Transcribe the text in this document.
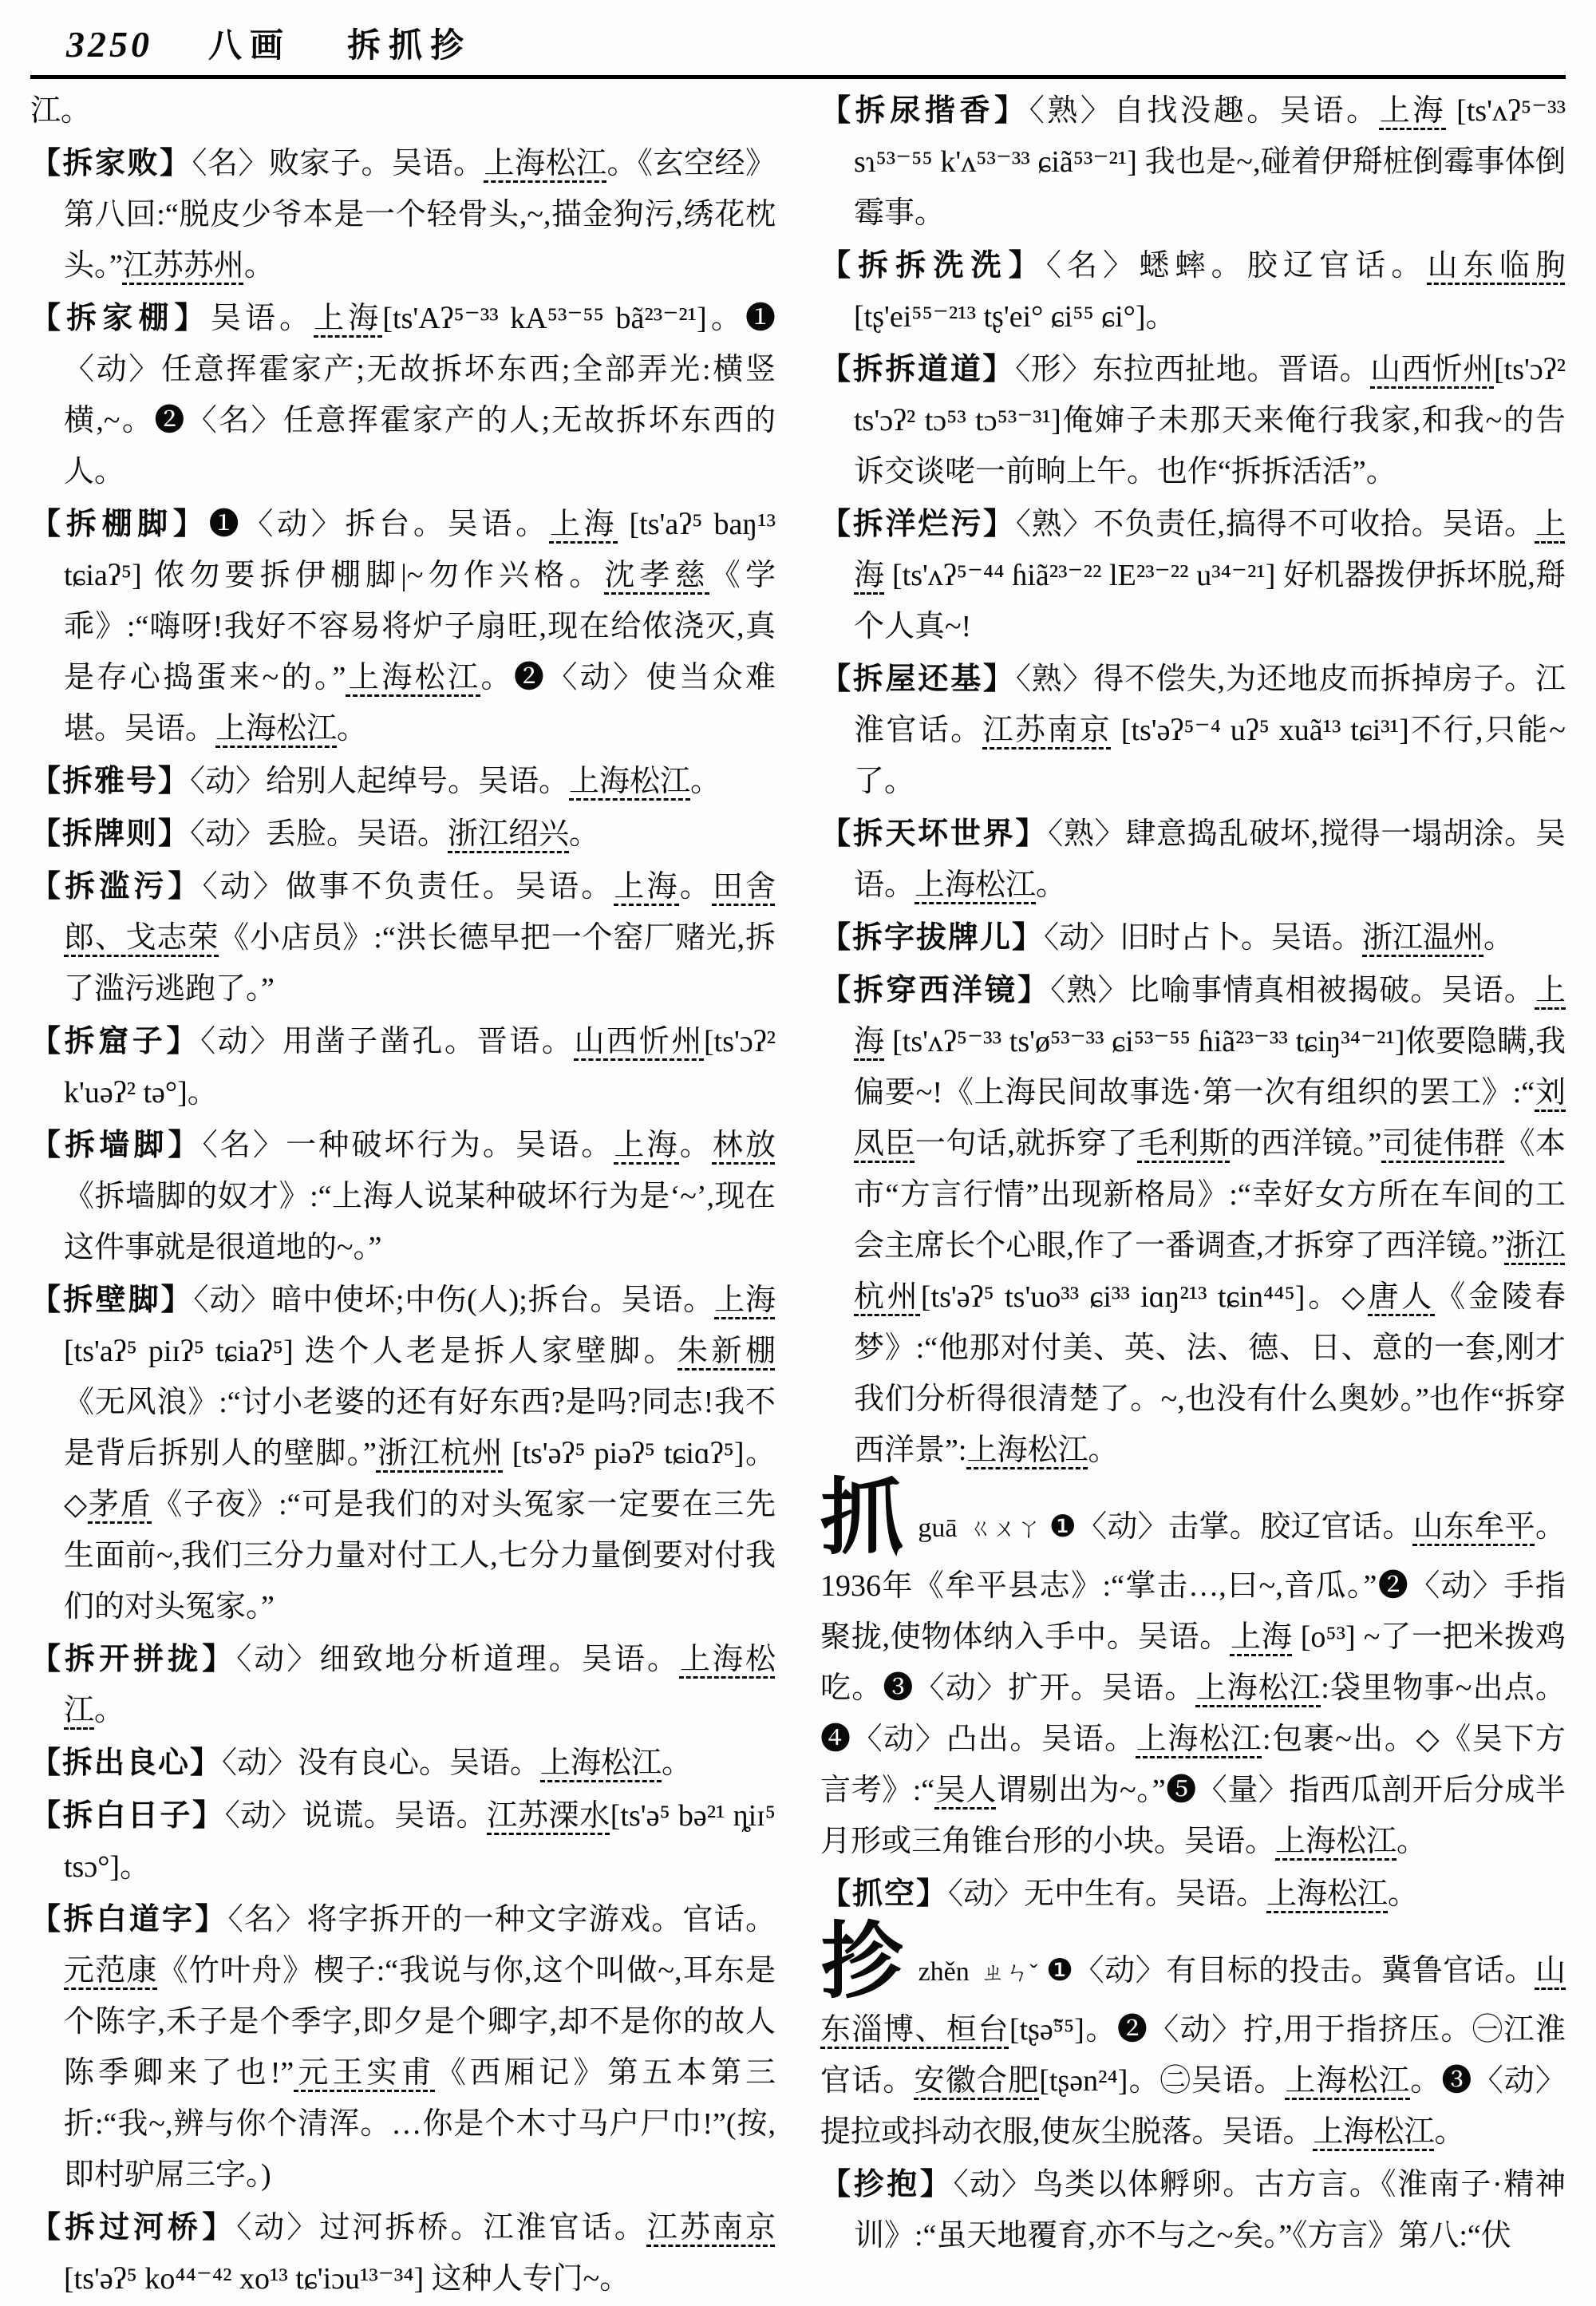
3250 八画 拆抓抮
江。
【拆家败】〈名〉败家子。吴语。上海松江。《玄空经》第八回:“脱皮少爷本是一个轻骨头,~,描金狗污,绣花枕头。”江苏苏州。
【拆家棚】吴语。上海[ts'Aʔ⁵⁻³³ kA⁵³⁻⁵⁵ bã²³⁻²¹]。❶〈动〉任意挥霍家产;无故拆坏东西;全部弄光:横竖横,~。❷〈名〉任意挥霍家产的人;无故拆坏东西的人。
【拆棚脚】❶〈动〉拆台。吴语。上海 [ts'aʔ⁵ baŋ¹³ tɕiaʔ⁵] 侬勿要拆伊棚脚|~勿作兴格。沈孝慈《学乖》:“嗨呀!我好不容易将炉子扇旺,现在给侬浇灭,真是存心捣蛋来~的。”上海松江。❷〈动〉使当众难堪。吴语。上海松江。
【拆雅号】〈动〉给别人起绰号。吴语。上海松江。
【拆牌则】〈动〉丢脸。吴语。浙江绍兴。
【拆滥污】〈动〉做事不负责任。吴语。上海。田舍郎、戈志荣《小店员》:“洪长德早把一个窑厂赌光,拆了滥污逃跑了。”
【拆窟子】〈动〉用凿子凿孔。晋语。山西忻州[ts'ɔʔ² k'uəʔ² tə°]。
【拆墙脚】〈名〉一种破坏行为。吴语。上海。林放《拆墙脚的奴才》:“上海人说某种破坏行为是‘~’,现在这件事就是很道地的~。”
【拆壁脚】〈动〉暗中使坏;中伤(人);拆台。吴语。上海[ts'aʔ⁵ piɪʔ⁵ tɕiaʔ⁵] 迭个人老是拆人家壁脚。朱新棚《无风浪》:“讨小老婆的还有好东西?是吗?同志!我不是背后拆别人的壁脚。”浙江杭州 [ts'əʔ⁵ piəʔ⁵ tɕiɑʔ⁵]。◇茅盾《子夜》:“可是我们的对头冤家一定要在三先生面前~,我们三分力量对付工人,七分力量倒要对付我们的对头冤家。”
【拆开拼拢】〈动〉细致地分析道理。吴语。上海松江。
【拆出良心】〈动〉没有良心。吴语。上海松江。
【拆白日子】〈动〉说谎。吴语。江苏溧水[ts'ə⁵ bə²¹ ȵiɪ⁵ tsɔ°]。
【拆白道字】〈名〉将字拆开的一种文字游戏。官话。元范康《竹叶舟》楔子:“我说与你,这个叫做~,耳东是个陈字,禾子是个季字,即夕是个卿字,却不是你的故人陈季卿来了也!”元王实甫《西厢记》第五本第三折:“我~,辨与你个清浑。…你是个木寸马户尸巾!”(按,即村驴屌三字。)
【拆过河桥】〈动〉过河拆桥。江淮官话。江苏南京 [ts'əʔ⁵ ko⁴⁴⁻⁴² xo¹³ tɕ'iɔu¹³⁻³⁴] 这种人专门~。
【拆尿揩香】〈熟〉自找没趣。吴语。上海 [ts'ʌʔ⁵⁻³³ sɿ⁵³⁻⁵⁵ k'ʌ⁵³⁻³³ ɕiã⁵³⁻²¹] 我也是~,碰着伊搿桩倒霉事体倒霉事。
【拆拆洗洗】〈名〉蟋蟀。胶辽官话。山东临朐[tʂ'ei⁵⁵⁻²¹³ tʂ'ei° ɕi⁵⁵ ɕi°]。
【拆拆道道】〈形〉东拉西扯地。晋语。山西忻州[ts'ɔʔ² ts'ɔʔ² tɔ⁵³ tɔ⁵³⁻³¹]俺婶子未那天来俺行我家,和我~的告诉交谈咾一前晌上午。也作“拆拆活活”。
【拆洋烂污】〈熟〉不负责任,搞得不可收拾。吴语。上海 [ts'ʌʔ⁵⁻⁴⁴ ɦiã²³⁻²² lE²³⁻²² u³⁴⁻²¹] 好机器拨伊拆坏脱,搿个人真~!
【拆屋还基】〈熟〉得不偿失,为还地皮而拆掉房子。江淮官话。江苏南京 [ts'əʔ⁵⁻⁴ uʔ⁵ xuã¹³ tɕi³¹]不行,只能~了。
【拆天坏世界】〈熟〉肆意捣乱破坏,搅得一塌胡涂。吴语。上海松江。
【拆字拔牌儿】〈动〉旧时占卜。吴语。浙江温州。
【拆穿西洋镜】〈熟〉比喻事情真相被揭破。吴语。上海 [ts'ʌʔ⁵⁻³³ ts'ø⁵³⁻³³ ɕi⁵³⁻⁵⁵ ɦiã²³⁻³³ tɕiŋ³⁴⁻²¹]侬要隐瞒,我偏要~!《上海民间故事选·第一次有组织的罢工》:“刘凤臣一句话,就拆穿了毛利斯的西洋镜。”司徒伟群《本市“方言行情”出现新格局》:“幸好女方所在车间的工会主席长个心眼,作了一番调查,才拆穿了西洋镜。”浙江杭州[ts'əʔ⁵ ts'uo³³ ɕi³³ iɑŋ²¹³ tɕin⁴⁴⁵]。◇唐人《金陵春梦》:“他那对付美、英、法、德、日、意的一套,刚才我们分析得很清楚了。~,也没有什么奥妙。”也作“拆穿西洋景”:上海松江。
抓guā ㄍㄨㄚ ❶〈动〉击掌。胶辽官话。山东牟平。1936年《牟平县志》:“掌击…,曰~,音瓜。”❷〈动〉手指聚拢,使物体纳入手中。吴语。上海 [o⁵³] ~了一把米拨鸡吃。❸〈动〉扩开。吴语。上海松江:袋里物事~出点。❹〈动〉凸出。吴语。上海松江:包裹~出。◇《吴下方言考》:“吴人谓剔出为~。”❺〈量〉指西瓜剖开后分成半月形或三角锥台形的小块。吴语。上海松江。
【抓空】〈动〉无中生有。吴语。上海松江。
抮zhěn ㄓㄣˇ ❶〈动〉有目标的投击。冀鲁官话。山东淄博、桓台[tʂə̃⁵⁵]。❷〈动〉拧,用于指挤压。㊀江淮官话。安徽合肥[tʂən²⁴]。㊁吴语。上海松江。❸〈动〉提拉或抖动衣服,使灰尘脱落。吴语。上海松江。
【抮抱】〈动〉鸟类以体孵卵。古方言。《淮南子·精神训》:“虽天地覆育,亦不与之~矣。”《方言》第八:“伏
